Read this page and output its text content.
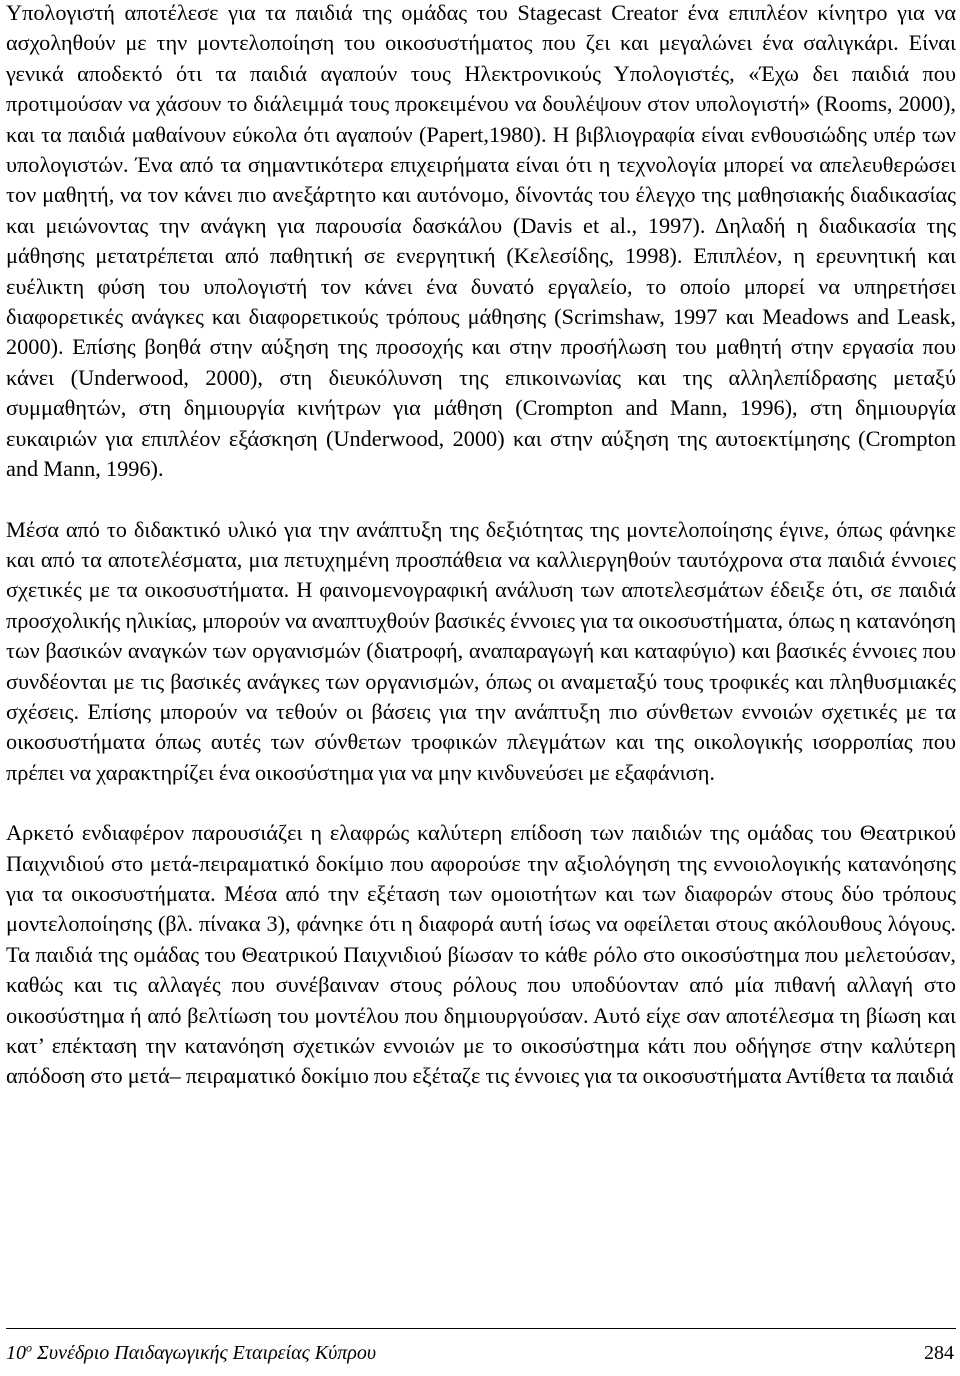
Υπολογιστή αποτέλεσε για τα παιδιά της ομάδας του Stagecast Creator ένα επιπλέον κίνητρο για να ασχοληθούν με την μοντελοποίηση του οικοσυστήματος που ζει και μεγαλώνει ένα σαλιγκάρι. Είναι γενικά αποδεκτό ότι τα παιδιά αγαπούν τους Ηλεκτρονικούς Υπολογιστές, «Έχω δει παιδιά που προτιμούσαν να χάσουν το διάλειμμά τους προκειμένου να δουλέψουν στον υπολογιστή» (Rooms, 2000), και τα παιδιά μαθαίνουν εύκολα ότι αγαπούν (Papert,1980). Η βιβλιογραφία είναι ενθουσιώδης υπέρ των υπολογιστών. Ένα από τα σημαντικότερα επιχειρήματα είναι ότι η τεχνολογία μπορεί να απελευθερώσει τον μαθητή, να τον κάνει πιο ανεξάρτητο και αυτόνομο, δίνοντάς του έλεγχο της μαθησιακής διαδικασίας και μειώνοντας την ανάγκη για παρουσία δασκάλου (Davis et al., 1997). Δηλαδή η διαδικασία της μάθησης μετατρέπεται από παθητική σε ενεργητική (Κελεσίδης, 1998). Επιπλέον, η ερευνητική και ευέλικτη φύση του υπολογιστή τον κάνει ένα δυνατό εργαλείο, το οποίο μπορεί να υπηρετήσει διαφορετικές ανάγκες και διαφορετικούς τρόπους μάθησης (Scrimshaw, 1997 και Meadows and Leask, 2000). Επίσης βοηθά στην αύξηση της προσοχής και στην προσήλωση του μαθητή στην εργασία που κάνει (Underwood, 2000), στη διευκόλυνση της επικοινωνίας και της αλληλεπίδρασης μεταξύ συμμαθητών, στη δημιουργία κινήτρων για μάθηση (Crompton and Mann, 1996), στη δημιουργία ευκαιριών για επιπλέον εξάσκηση (Underwood, 2000) και στην αύξηση της αυτοεκτίμησης (Crompton and Mann, 1996).

Μέσα από το διδακτικό υλικό για την ανάπτυξη της δεξιότητας της μοντελοποίησης έγινε, όπως φάνηκε και από τα αποτελέσματα, μια πετυχημένη προσπάθεια να καλλιεργηθούν ταυτόχρονα στα παιδιά έννοιες σχετικές με τα οικοσυστήματα. Η φαινομενογραφική ανάλυση των αποτελεσμάτων έδειξε ότι, σε παιδιά προσχολικής ηλικίας, μπορούν να αναπτυχθούν βασικές έννοιες για τα οικοσυστήματα, όπως η κατανόηση των βασικών αναγκών των οργανισμών (διατροφή, αναπαραγωγή και καταφύγιο) και βασικές έννοιες που συνδέονται με τις βασικές ανάγκες των οργανισμών, όπως οι αναμεταξύ τους τροφικές και πληθυσμιακές σχέσεις. Επίσης μπορούν να τεθούν οι βάσεις για την ανάπτυξη πιο σύνθετων εννοιών σχετικές με τα οικοσυστήματα όπως αυτές των σύνθετων τροφικών πλεγμάτων και της οικολογικής ισορροπίας που πρέπει να χαρακτηρίζει ένα οικοσύστημα για να μην κινδυνεύσει με εξαφάνιση.

Αρκετό ενδιαφέρον παρουσιάζει η ελαφρώς καλύτερη επίδοση των παιδιών της ομάδας του Θεατρικού Παιχνιδιού στο μετά-πειραματικό δοκίμιο που αφορούσε την αξιολόγηση της εννοιολογικής κατανόησης για τα οικοσυστήματα. Μέσα από την εξέταση των ομοιοτήτων και των διαφορών στους δύο τρόπους μοντελοποίησης (βλ. πίνακα 3), φάνηκε ότι η διαφορά αυτή ίσως να οφείλεται στους ακόλουθους λόγους. Τα παιδιά της ομάδας του Θεατρικού Παιχνιδιού βίωσαν το κάθε ρόλο στο οικοσύστημα που μελετούσαν, καθώς και τις αλλαγές που συνέβαιναν στους ρόλους που υποδύονταν από μία πιθανή αλλαγή στο οικοσύστημα ή από βελτίωση του μοντέλου που δημιουργούσαν. Αυτό είχε σαν αποτέλεσμα τη βίωση και κατ’ επέκταση την κατανόηση σχετικών εννοιών με το οικοσύστημα κάτι που οδήγησε στην καλύτερη απόδοση στο μετά– πειραματικό δοκίμιο που εξέταζε τις έννοιες για τα οικοσυστήματα Αντίθετα τα παιδιά

$10^o$ Συνέδριο Παιδαγωγικής Εταιρείας Κύπρου	284
